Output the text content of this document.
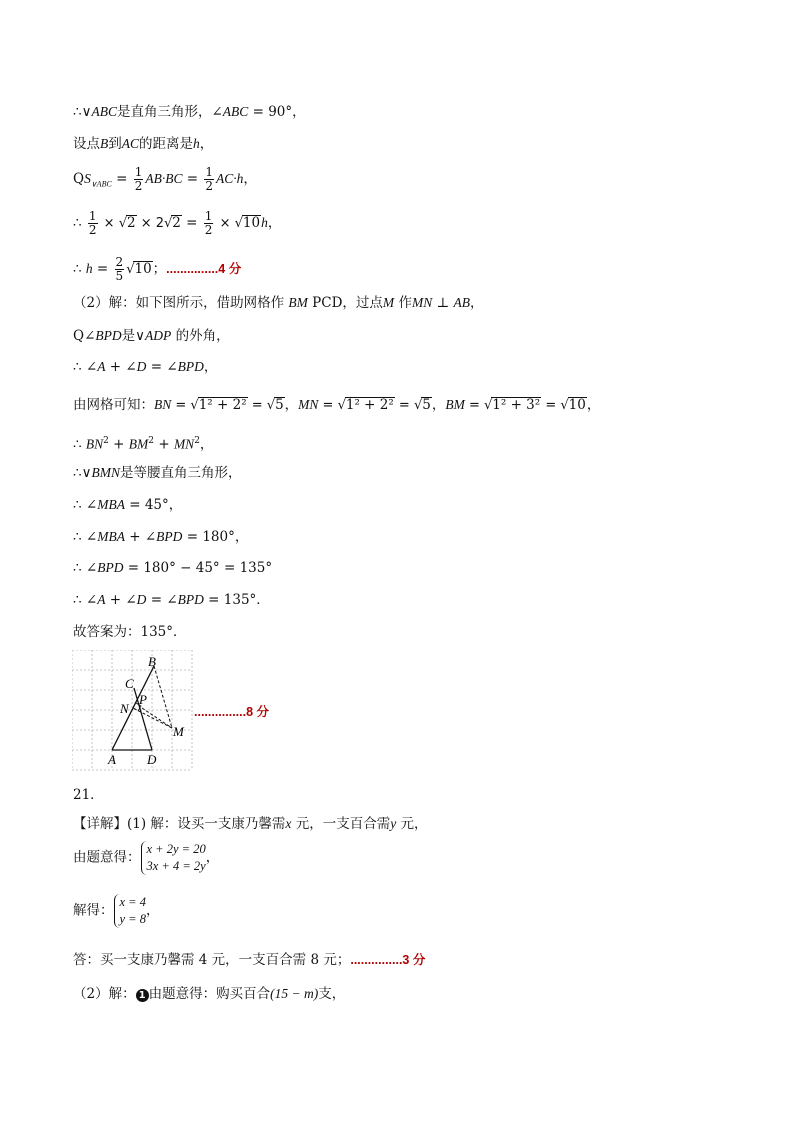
∴∨ABC是直角三角形，∠ABC = 90°，
设点B到AC的距离是h，
$QS_{\vee ABC} = \frac{1}{2} AB\cdot BC = \frac{1}{2} AC\cdot h$，
∴ $\frac{1}{2} \times √2 \times 2√2 = \frac{1}{2} \times √10h$，
∴ $h = \frac{2}{5} √10$；...............4 分
（2）解：如下图所示，借助网格作 BM PCD，过点M 作MN ⊥ AB，
Q∠BPD是∨ADP 的外角，
∴ ∠A + ∠D = ∠BPD，
由网格可知：BN = √1² + 2² = √5，MN = √1² + 2² = √5，BM = √1² + 3² = √10，
∴ $BN^2 + BM^2 + MN^2$，
∴∨BMN是等腰直角三角形，
∴ ∠MBA = 45°，
∴ ∠MBA + ∠BPD = 180°，
∴ ∠BPD = 180° − 45° = 135°
∴ ∠A + ∠D = ∠BPD = 135°．
故答案为：135°．
B
C
P
N
M
A D
...............8 分
21．
【详解】(1) 解：设买一支康乃馨需x 元，一支百合需y 元，
由题意得：
x + 2y = 20
3x + 4 = 2y
，
解得：
x = 4
y = 8
，
答：买一支康乃馨需 4 元，一支百合需 8 元；...............3 分
（2）解： 1 由题意得：购买百合(15 − m)支，
